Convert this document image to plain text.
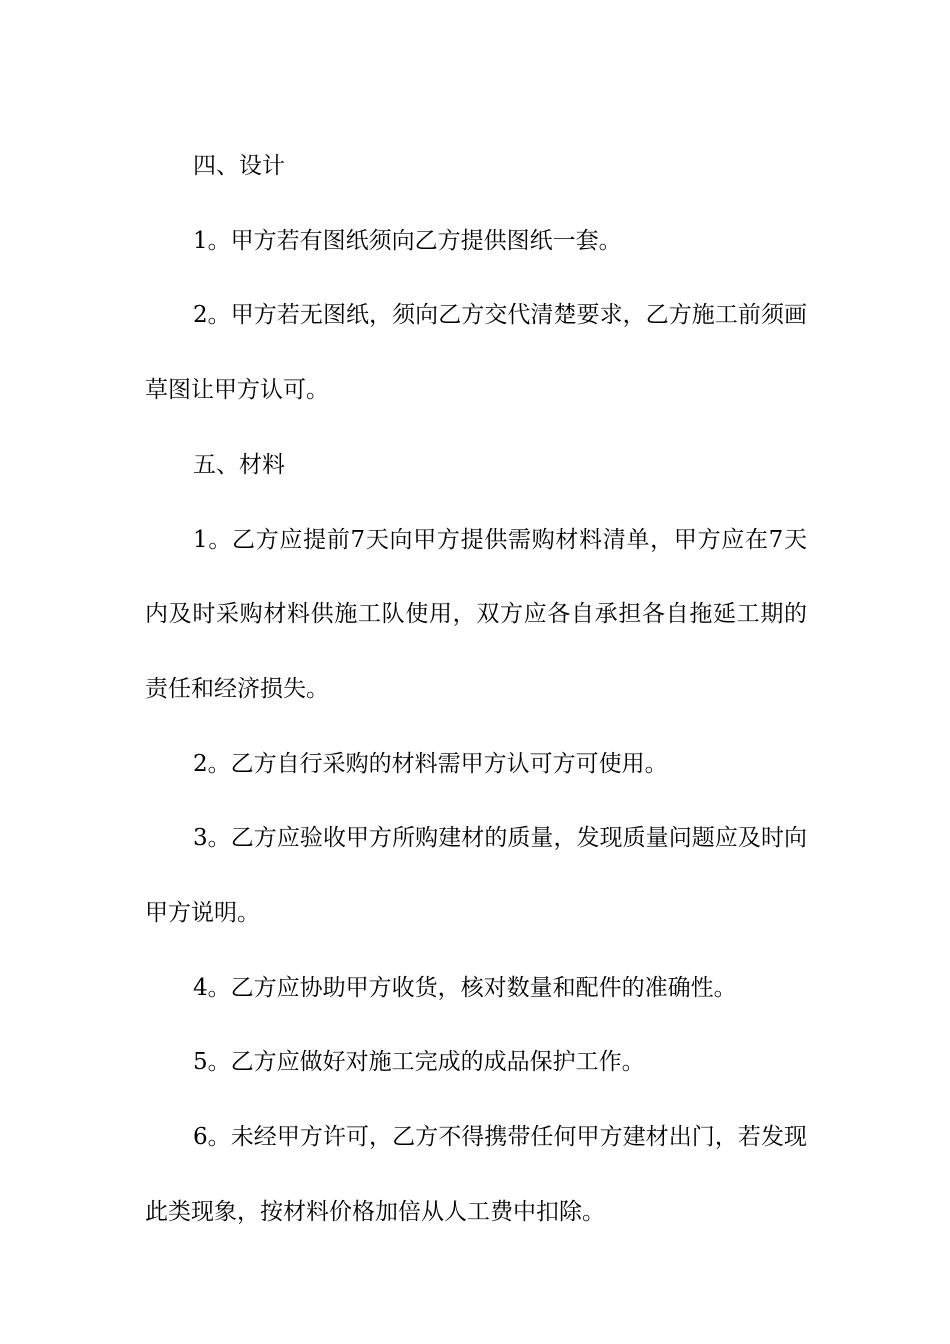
四、设计

1。甲方若有图纸须向乙方提供图纸一套。

2。甲方若无图纸，须向乙方交代清楚要求，乙方施工前须画草图让甲方认可。

五、材料

1。乙方应提前7天向甲方提供需购材料清单，甲方应在7天内及时采购材料供施工队使用，双方应各自承担各自拖延工期的责任和经济损失。

2。乙方自行采购的材料需甲方认可方可使用。

3。乙方应验收甲方所购建材的质量，发现质量问题应及时向甲方说明。

4。乙方应协助甲方收货，核对数量和配件的准确性。

5。乙方应做好对施工完成的成品保护工作。

6。未经甲方许可，乙方不得携带任何甲方建材出门，若发现此类现象，按材料价格加倍从人工费中扣除。
